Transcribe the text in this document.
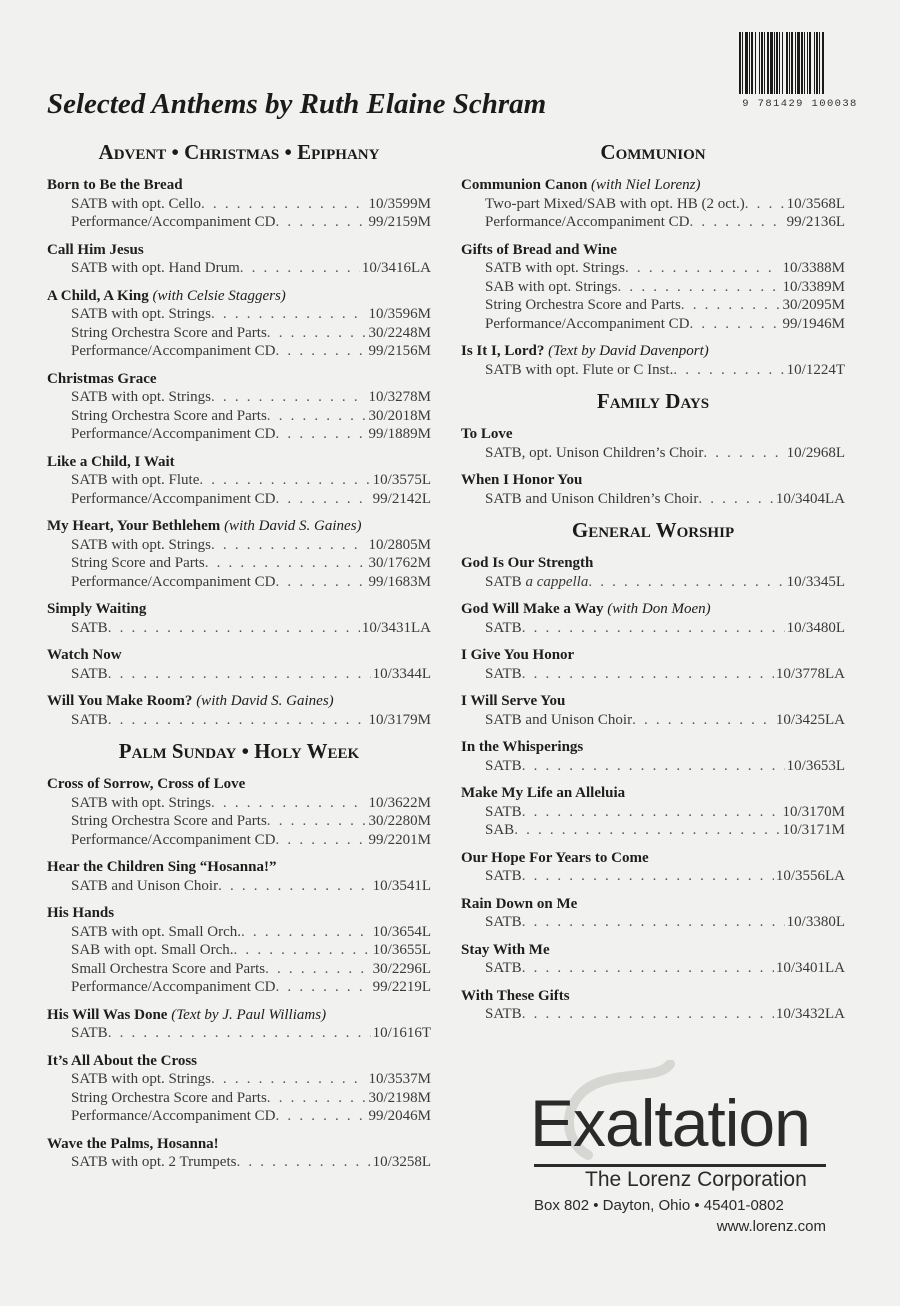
9 781429 100038
Selected Anthems by Ruth Elaine Schram
Advent • Christmas • Epiphany
Born to Be the Bread
SATB with opt. Cello . . .	10/3599M
Performance/Accompaniment CD . . .	99/2159M
Call Him Jesus
SATB with opt. Hand Drum . . .	10/3416LA
A Child, A King (with Celsie Staggers)
SATB with opt. Strings . . .	10/3596M
String Orchestra Score and Parts . . .	30/2248M
Performance/Accompaniment CD . . .	99/2156M
Christmas Grace
SATB with opt. Strings . . .	10/3278M
String Orchestra Score and Parts . . .	30/2018M
Performance/Accompaniment CD . . .	99/1889M
Like a Child, I Wait
SATB with opt. Flute . . .	10/3575L
Performance/Accompaniment CD . . .	99/2142L
My Heart, Your Bethlehem (with David S. Gaines)
SATB with opt. Strings . . .	10/2805M
String Score and Parts . . .	30/1762M
Performance/Accompaniment CD . . .	99/1683M
Simply Waiting
SATB . . .	10/3431LA
Watch Now
SATB . . .	10/3344L
Will You Make Room? (with David S. Gaines)
SATB . . .	10/3179M
Palm Sunday • Holy Week
Cross of Sorrow, Cross of Love
SATB with opt. Strings . . .	10/3622M
String Orchestra Score and Parts . . .	30/2280M
Performance/Accompaniment CD . . .	99/2201M
Hear the Children Sing “Hosanna!”
SATB and Unison Choir . . .	10/3541L
His Hands
SATB with opt. Small Orch. . . .	10/3654L
SAB with opt. Small Orch. . . .	10/3655L
Small Orchestra Score and Parts . . .	30/2296L
Performance/Accompaniment CD . . .	99/2219L
His Will Was Done (Text by J. Paul Williams)
SATB . . .	10/1616T
It’s All About the Cross
SATB with opt. Strings . . .	10/3537M
String Orchestra Score and Parts . . .	30/2198M
Performance/Accompaniment CD . . .	99/2046M
Wave the Palms, Hosanna!
SATB with opt. 2 Trumpets . . .	10/3258L
Communion
Communion Canon (with Niel Lorenz)
Two-part Mixed/SAB with opt. HB (2 oct.) . . .	10/3568L
Performance/Accompaniment CD . . .	99/2136L
Gifts of Bread and Wine
SATB with opt. Strings . . .	10/3388M
SAB with opt. Strings . . .	10/3389M
String Orchestra Score and Parts . . .	30/2095M
Performance/Accompaniment CD . . .	99/1946M
Is It I, Lord? (Text by David Davenport)
SATB with opt. Flute or C Inst. . . .	10/1224T
Family Days
To Love
SATB, opt. Unison Children’s Choir . . .	10/2968L
When I Honor You
SATB and Unison Children’s Choir . . .	10/3404LA
General Worship
God Is Our Strength
SATB a cappella . . .	10/3345L
God Will Make a Way (with Don Moen)
SATB . . .	10/3480L
I Give You Honor
SATB . . .	10/3778LA
I Will Serve You
SATB and Unison Choir . . .	10/3425LA
In the Whisperings
SATB . . .	10/3653L
Make My Life an Alleluia
SATB . . .	10/3170M
SAB . . .	10/3171M
Our Hope For Years to Come
SATB . . .	10/3556LA
Rain Down on Me
SATB . . .	10/3380L
Stay With Me
SATB . . .	10/3401LA
With These Gifts
SATB . . .	10/3432LA
Exaltation
The Lorenz Corporation
Box 802 • Dayton, Ohio • 45401-0802
www.lorenz.com
